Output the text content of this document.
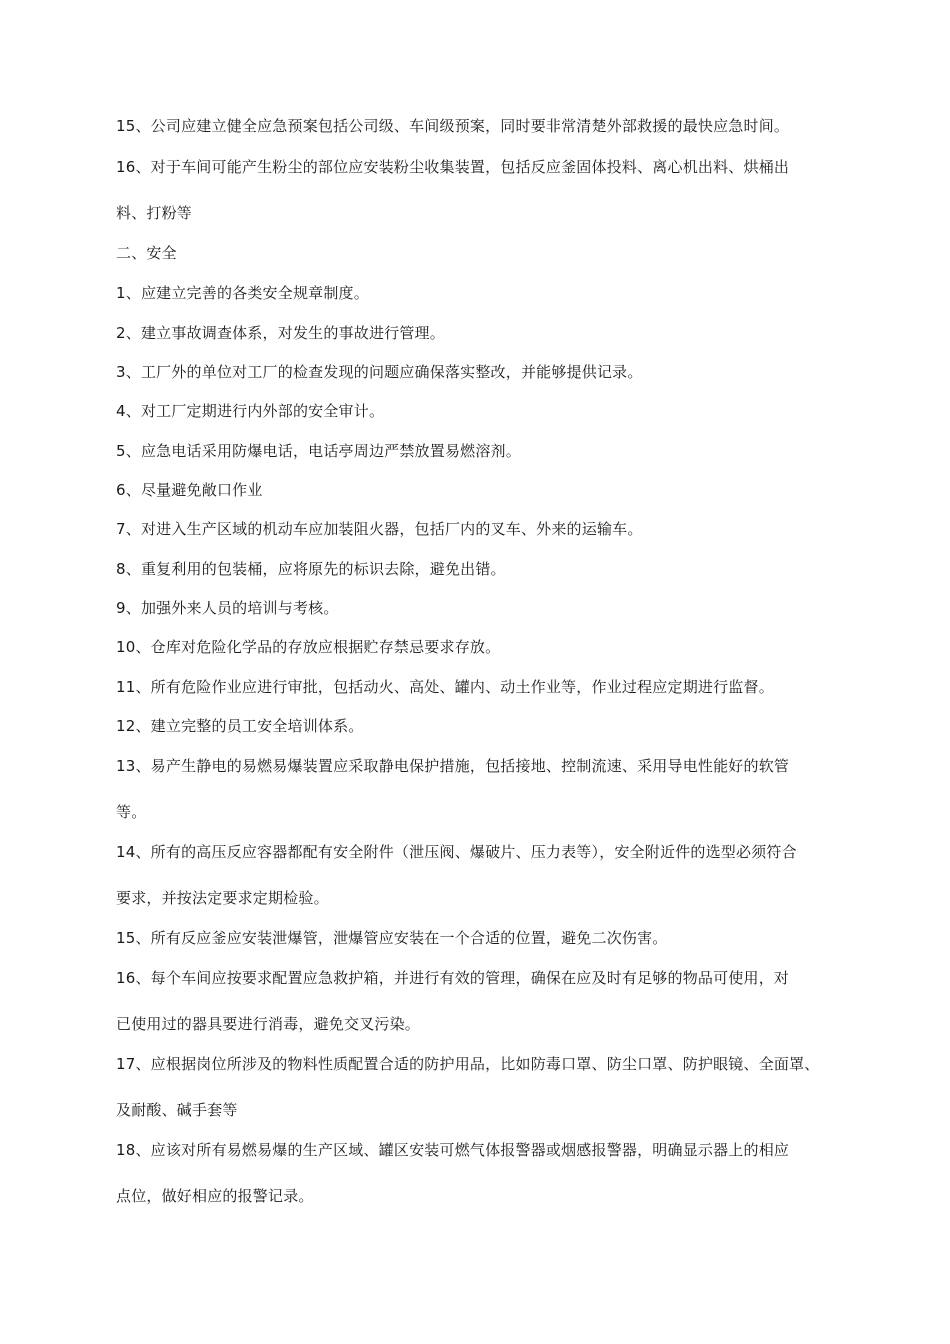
15、公司应建立健全应急预案包括公司级、车间级预案，同时要非常清楚外部救援的最快应急时间。
16、对于车间可能产生粉尘的部位应安装粉尘收集装置，包括反应釜固体投料、离心机出料、烘桶出
料、打粉等
二、安全
1、应建立完善的各类安全规章制度。
2、建立事故调查体系，对发生的事故进行管理。
3、工厂外的单位对工厂的检查发现的问题应确保落实整改，并能够提供记录。
4、对工厂定期进行内外部的安全审计。
5、应急电话采用防爆电话，电话亭周边严禁放置易燃溶剂。
6、尽量避免敞口作业
7、对进入生产区域的机动车应加装阻火器，包括厂内的叉车、外来的运输车。
8、重复利用的包装桶，应将原先的标识去除，避免出错。
9、加强外来人员的培训与考核。
10、仓库对危险化学品的存放应根据贮存禁忌要求存放。
11、所有危险作业应进行审批，包括动火、高处、罐内、动土作业等，作业过程应定期进行监督。
12、建立完整的员工安全培训体系。
13、易产生静电的易燃易爆装置应采取静电保护措施，包括接地、控制流速、采用导电性能好的软管
等。
14、所有的高压反应容器都配有安全附件（泄压阀、爆破片、压力表等），安全附近件的选型必须符合
要求，并按法定要求定期检验。
15、所有反应釜应安装泄爆管，泄爆管应安装在一个合适的位置，避免二次伤害。
16、每个车间应按要求配置应急救护箱，并进行有效的管理，确保在应及时有足够的物品可使用，对
已使用过的器具要进行消毒，避免交叉污染。
17、应根据岗位所涉及的物料性质配置合适的防护用品，比如防毒口罩、防尘口罩、防护眼镜、全面罩、
及耐酸、碱手套等
18、应该对所有易燃易爆的生产区域、罐区安装可燃气体报警器或烟感报警器，明确显示器上的相应
点位，做好相应的报警记录。
